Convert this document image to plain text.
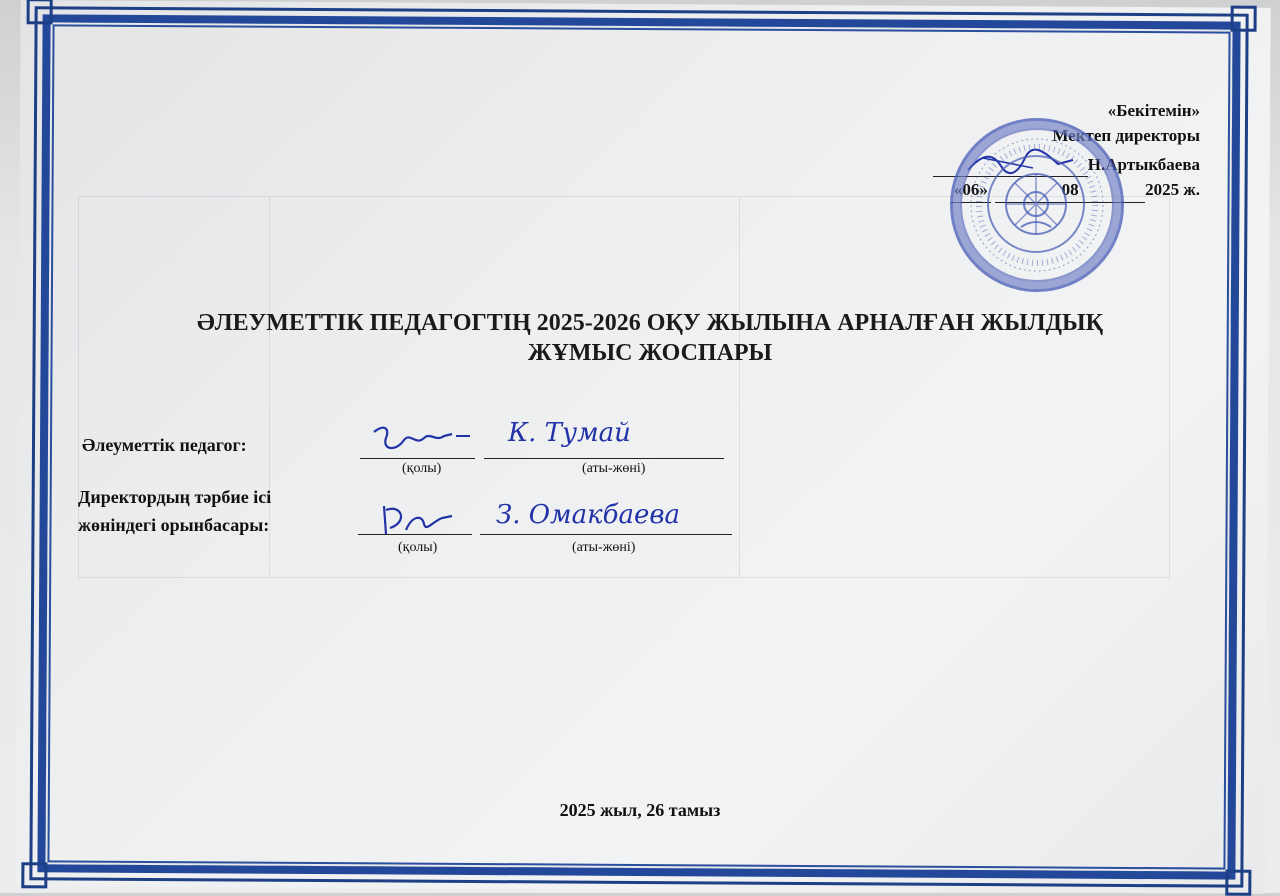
«Бекітемін»
Мектеп директоры
Н.Артыкбаева
«06»	08	2025 ж.
ӘЛЕУМЕТТІК ПЕДАГОГТІҢ 2025-2026 ОҚУ ЖЫЛЫНА АРНАЛҒАН ЖЫЛДЫҚ
ЖҰМЫС ЖОСПАРЫ
Әлеуметтік педагог:	К. Тумай
(қолы)	(аты-жөні)
Директордың тәрбие ісі
жөніндегі орынбасары:	З. Омакбаева
(қолы)	(аты-жөні)
2025 жыл, 26 тамыз
